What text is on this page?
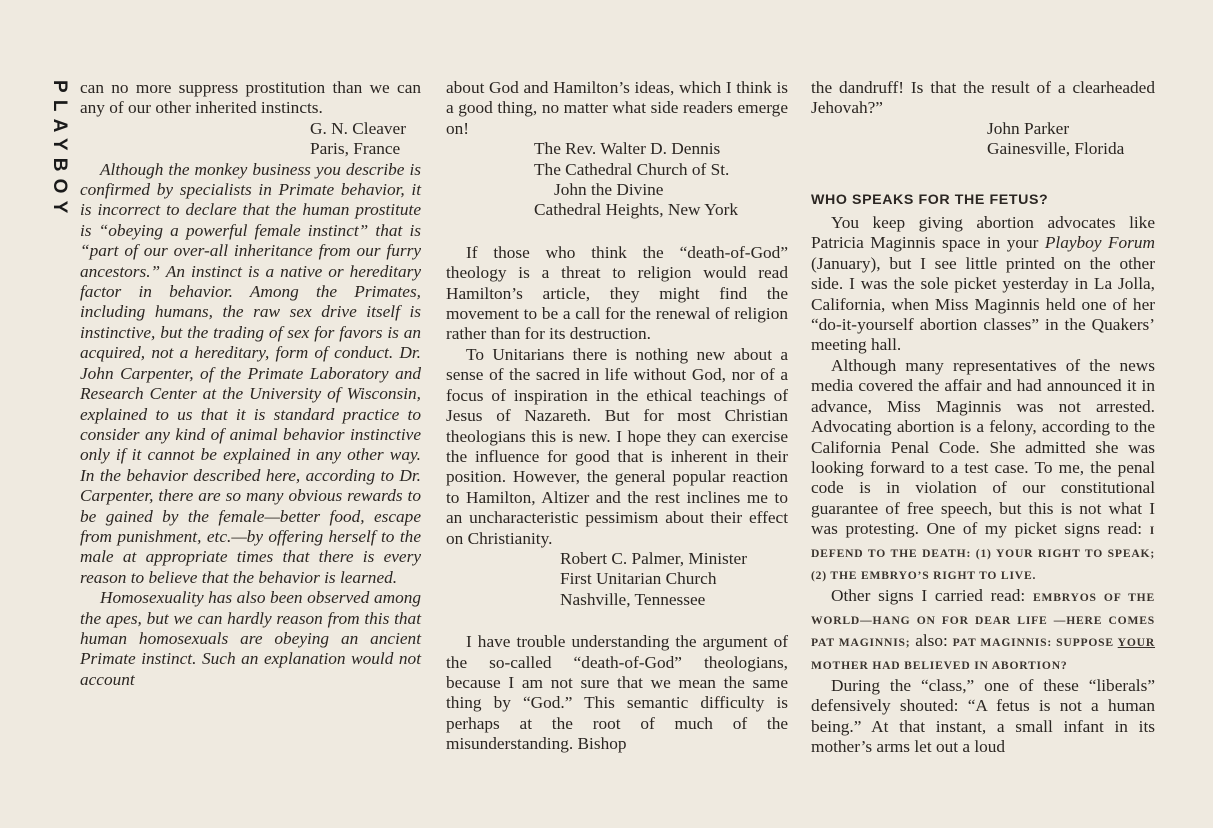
PLAYBOY can no more suppress prostitution than we can any of our other inherited instincts.

G. N. Cleaver
Paris, France

Although the monkey business you describe is confirmed by specialists in Primate behavior, it is incorrect to declare that the human prostitute is “obeying a powerful female instinct” that is “part of our over-all inheritance from our furry ancestors.” An instinct is a native or hereditary factor in behavior. Among the Primates, including humans, the raw sex drive itself is instinctive, but the trading of sex for favors is an acquired, not a hereditary, form of conduct. Dr. John Carpenter, of the Primate Laboratory and Research Center at the University of Wisconsin, explained to us that it is standard practice to consider any kind of animal behavior instinctive only if it cannot be explained in any other way. In the behavior described here, according to Dr. Carpenter, there are so many obvious rewards to be gained by the female—better food, escape from punishment, etc.—by offering herself to the male at appropriate times that there is every reason to believe that the behavior is learned.

Homosexuality has also been observed among the apes, but we can hardly reason from this that human homosexuals are obeying an ancient Primate instinct. Such an explanation would not account

about God and Hamilton’s ideas, which I think is a good thing, no matter what side readers emerge on!

The Rev. Walter D. Dennis
The Cathedral Church of St.
John the Divine
Cathedral Heights, New York

If those who think the “death-of-God” theology is a threat to religion would read Hamilton’s article, they might find the movement to be a call for the renewal of religion rather than for its destruction.

To Unitarians there is nothing new about a sense of the sacred in life without God, nor of a focus of inspiration in the ethical teachings of Jesus of Nazareth. But for most Christian theologians this is new. I hope they can exercise the influence for good that is inherent in their position. However, the general popular reaction to Hamilton, Altizer and the rest inclines me to an uncharacteristic pessimism about their effect on Christianity.

Robert C. Palmer, Minister
First Unitarian Church
Nashville, Tennessee

I have trouble understanding the argument of the so-called “death-of-God” theologians, because I am not sure that we mean the same thing by “God.” This semantic difficulty is perhaps at the root of much of the misunderstanding. Bishop

the dandruff! Is that the result of a clearheaded Jehovah?”

John Parker
Gainesville, Florida
WHO SPEAKS FOR THE FETUS?

You keep giving abortion advocates like Patricia Maginnis space in your Playboy Forum (January), but I see little printed on the other side. I was the sole picket yesterday in La Jolla, California, when Miss Maginnis held one of her “do-it-yourself abortion classes” in the Quakers’ meeting hall.

Although many representatives of the news media covered the affair and had announced it in advance, Miss Maginnis was not arrested. Advocating abortion is a felony, according to the California Penal Code. She admitted she was looking forward to a test case. To me, the penal code is in violation of our constitutional guarantee of free speech, but this is not what I was protesting. One of my picket signs read: I DEFEND TO THE DEATH: (1) YOUR RIGHT TO SPEAK; (2) THE EMBRYO’S RIGHT TO LIVE.

Other signs I carried read: EMBRYOS OF THE WORLD—HANG ON FOR DEAR LIFE —HERE COMES PAT MAGINNIS; also: PAT MAGINNIS: SUPPOSE YOUR MOTHER HAD BELIEVED IN ABORTION?

During the “class,” one of these “liberals” defensively shouted: “A fetus is not a human being.” At that instant, a small infant in its mother’s arms let out a loud
